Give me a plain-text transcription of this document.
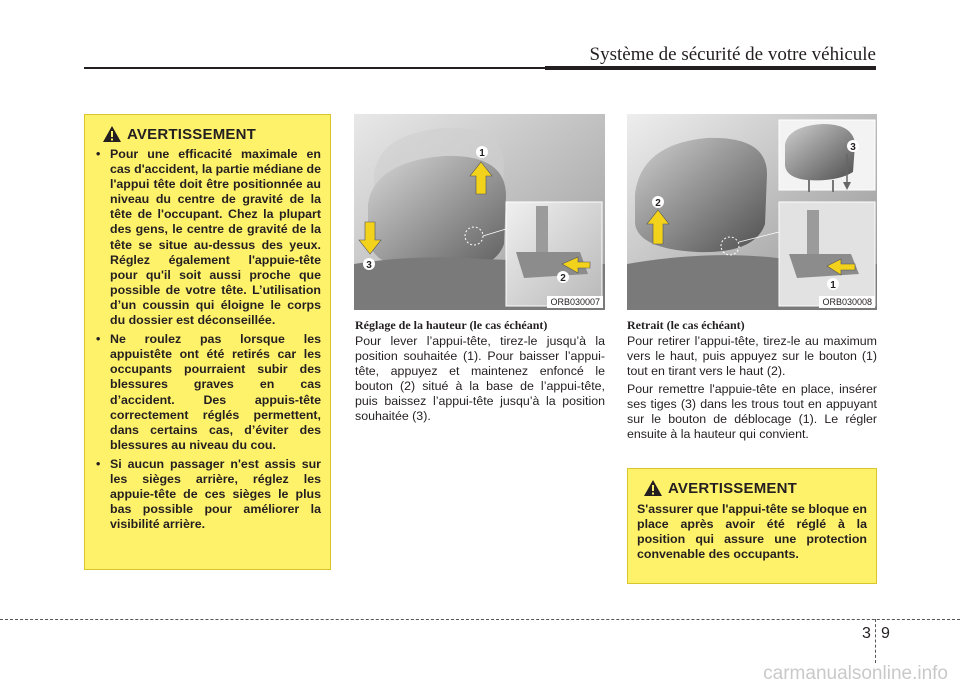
Système de sécurité de votre véhicule
AVERTISSEMENT
• Pour une efficacité maximale en cas d'accident, la partie médiane de l'appui tête doit être positionnée au niveau du centre de gravité de la tête de l'occupant. Chez la plupart des gens, le centre de gravité de la tête se situe au-dessus des yeux. Réglez également l'appuie-tête pour qu'il soit aussi proche que possible de votre tête. L’utilisation d’un coussin qui éloigne le corps du dossier est déconseillée.
• Ne roulez pas lorsque les appuistête ont été retirés car les occupants pourraient subir des blessures graves en cas d’accident. Des appuis-tête correctement réglés permettent, dans certains cas, d’éviter des blessures au niveau du cou.
• Si aucun passager n'est assis sur les sièges arrière, réglez les appuie-tête de ces sièges le plus bas possible pour améliorer la visibilité arrière.
1
2
3
ORB030007
3
2
1
ORB030008
Réglage de la hauteur (le cas échéant)

Pour lever l’appui-tête, tirez-le jusqu’à la position souhaitée (1). Pour baisser l’appui-tête, appuyez et maintenez enfoncé le bouton (2) situé à la base de l’appui-tête, puis baissez l’appui-tête jusqu’à la position souhaitée (3).

Retrait (le cas échéant)

Pour retirer l’appui-tête, tirez-le au maximum vers le haut, puis appuyez sur le bouton (1) tout en tirant vers le haut (2).

Pour remettre l'appuie-tête en place, insérer ses tiges (3) dans les trous tout en appuyant sur le bouton de déblocage (1). Le régler ensuite à la hauteur qui convient.

AVERTISSEMENT

S'assurer que l'appui-tête se bloque en place après avoir été réglé à la position qui assure une protection convenable des occupants.

3 9
carmanualsonline.info
